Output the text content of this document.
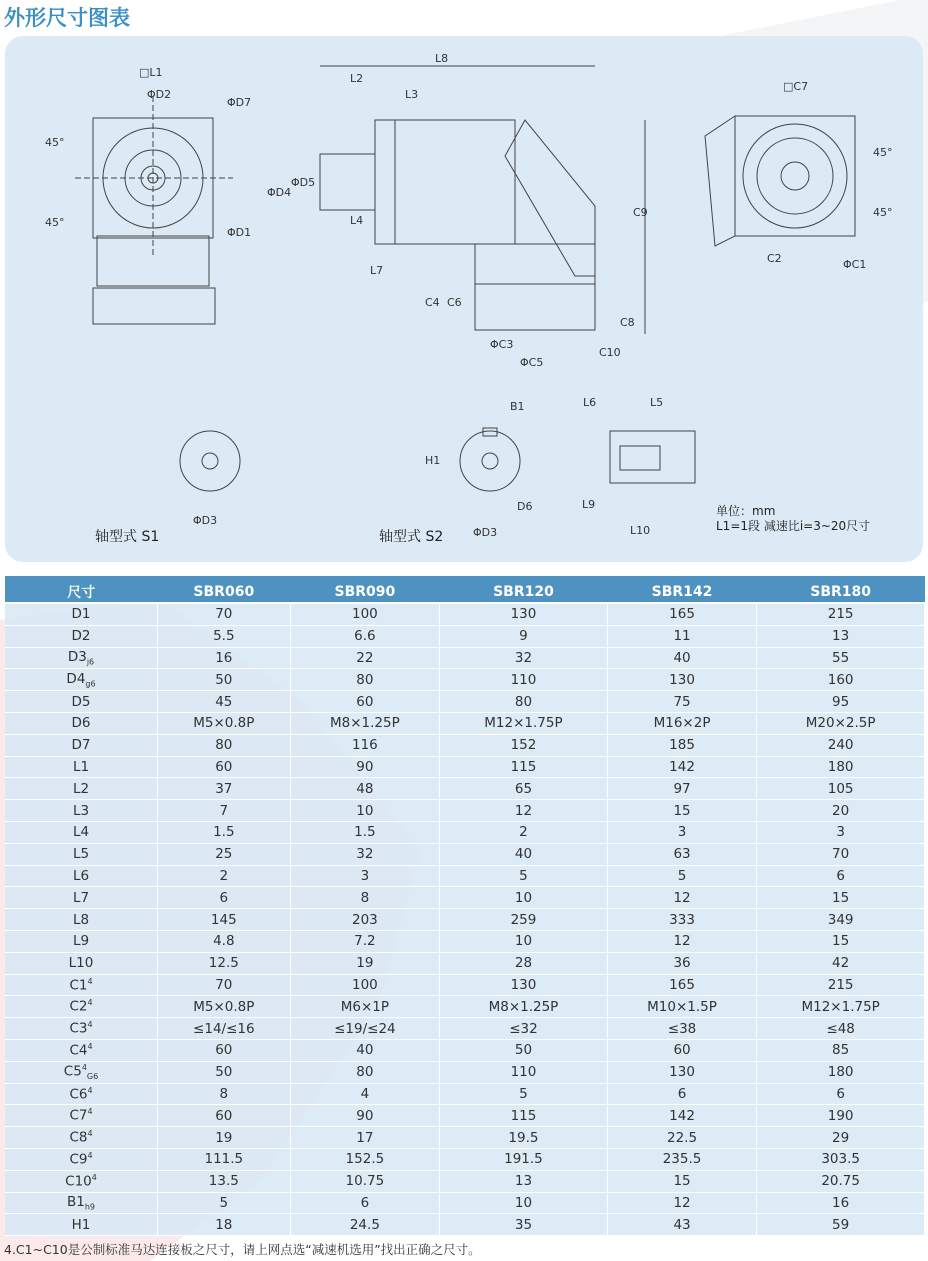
外形尺寸图表
□L1
ΦD2
ΦD7
ΦD1
45°
45°
L8
L2
L3
ΦD4
ΦD5
L4
L7
C9
C4 C6
C8
C10
ΦC3
ΦC5
□C7
C2	ΦC1
45°
45°
ΦD3
B1
H1
D6
ΦD3
L6	L5
L9
L10
轴型式 S1	轴型式 S2
单位：mm
L1=1段 减速比i=3~20尺寸
尺寸	SBR060	SBR090	SBR120	SBR142	SBR180
D1	70	100	130	165	215
D2	5.5	6.6	9	11	13
$D3_{j6}$	16	22	32	40	55
$D4_{g6}$	50	80	110	130	160
D5	45	60	80	75	95
D6	M5×0.8P	M8×1.25P	M12×1.75P	M16×2P	M20×2.5P
D7	80	116	152	185	240
L1	60	90	115	142	180
L2	37	48	65	97	105
L3	7	10	12	15	20
L4	1.5	1.5	2	3	3
L5	25	32	40	63	70
L6	2	3	5	5	6
L7	6	8	10	12	15
L8	145	203	259	333	349
L9	4.8	7.2	10	12	15
L10	12.5	19	28	36	42
$C1^4$	70	100	130	165	215
$C2^4$	M5×0.8P	M6×1P	M8×1.25P	M10×1.5P	M12×1.75P
$C3^4$	≤14/≤16	≤19/≤24	≤32	≤38	≤48
$C4^4$	60	40	50	60	85
$C5^4_{G6}$	50	80	110	130	180
$C6^4$	8	4	5	6	6
$C7^4$	60	90	115	142	190
$C8^4$	19	17	19.5	22.5	29
$C9^4$	111.5	152.5	191.5	235.5	303.5
$C10^4$	13.5	10.75	13	15	20.75
$B1_{h9}$	5	6	10	12	16
H1	18	24.5	35	43	59
4.C1~C10是公制标准马达连接板之尺寸，请上网点选“减速机选用”找出正确之尺寸。
